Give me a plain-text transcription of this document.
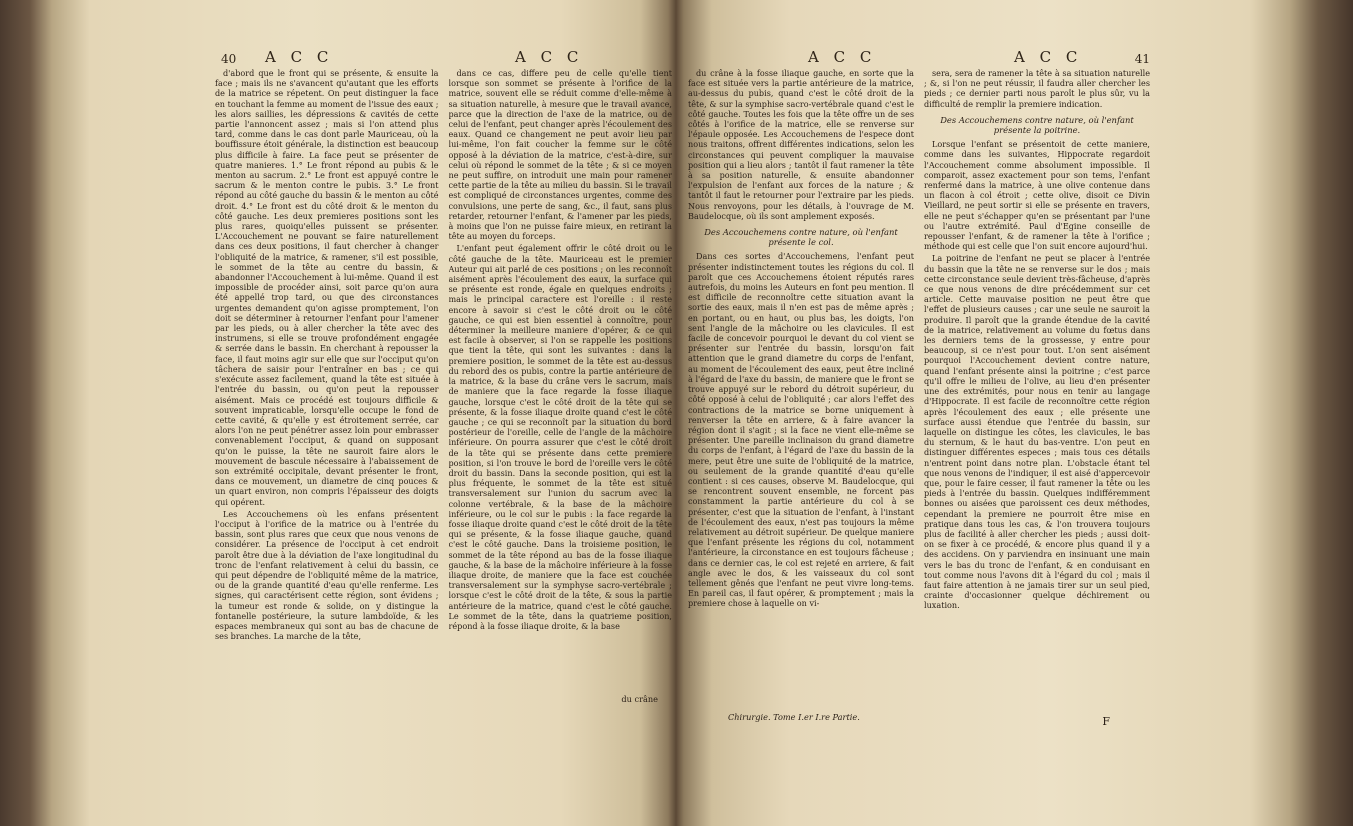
40 A C C	A C C

d'abord que le front qui se présente, & ensuite la face ; mais ils ne s'avancent qu'autant que les efforts de la matrice se répetent. On peut distinguer la face en touchant la femme au moment de l'issue des eaux ; les alors saillies, les dépressions & cavités de cette partie l'annoncent assez ; mais si l'on attend plus tard, comme dans le cas dont parle Mauriceau, où la bouffissure étoit générale, la distinction est beaucoup plus difficile à faire. La face peut se présenter de quatre manieres. 1.° Le front répond au pubis & le menton au sacrum. 2.° Le front est appuyé contre le sacrum & le menton contre le pubis. 3.° Le front répond au côté gauche du bassin & le menton au côté droit. 4.° Le front est du côté droit & le menton du côté gauche. Les deux premieres positions sont les plus rares, quoiqu'elles puissent se présenter. L'Accouchement ne pouvant se faire naturellement dans ces deux positions, il faut chercher à changer l'obliquité de la matrice, & ramener, s'il est possible, le sommet de la tête au centre du bassin, & abandonner l'Accouchement à lui-même. Quand il est impossible de procéder ainsi, soit parce qu'on aura été appellé trop tard, ou que des circonstances urgentes demandent qu'on agisse promptement, l'on doit se déterminer à retourner l'enfant pour l'amener par les pieds, ou à aller chercher la tête avec des instrumens, si elle se trouve profondément engagée & serrée dans le bassin. En cherchant à repousser la face, il faut moins agir sur elle que sur l'occiput qu'on tâchera de saisir pour l'entraîner en bas ; ce qui s'exécute assez facilement, quand la tête est située à l'entrée du bassin, ou qu'on peut la repousser aisément. Mais ce procédé est toujours difficile & souvent impraticable, lorsqu'elle occupe le fond de cette cavité, & qu'elle y est étroitement serrée, car alors l'on ne peut pénétrer assez loin pour embrasser convenablement l'occiput, & quand on supposant qu'on le puisse, la tête ne sauroit faire alors le mouvement de bascule nécessaire à l'abaissement de son extrémité occipitale, devant présenter le front, dans ce mouvement, un diametre de cinq pouces & un quart environ, non compris l'épaisseur des doigts qui opérent.

Les Accouchemens où les enfans présentent l'occiput à l'orifice de la matrice ou à l'entrée du bassin, sont plus rares que ceux que nous venons de considérer. La présence de l'occiput à cet endroit paroît être due à la déviation de l'axe longitudinal du tronc de l'enfant relativement à celui du bassin, ce qui peut dépendre de l'obliquité même de la matrice, ou de la grande quantité d'eau qu'elle renferme. Les signes, qui caractérisent cette région, sont évidens ; la tumeur est ronde & solide, on y distingue la fontanelle postérieure, la suture lambdoïde, & les espaces membraneux qui sont au bas de chacune de ses branches. La marche de la tête,

dans ce cas, differe peu de celle qu'elle tient lorsque son sommet se présente à l'orifice de la matrice, souvent elle se réduit comme d'elle-même à sa situation naturelle, à mesure que le travail avance, parce que la direction de l'axe de la matrice, ou de celui de l'enfant, peut changer après l'écoulement des eaux. Quand ce changement ne peut avoir lieu par lui-même, l'on fait coucher la femme sur le côté opposé à la déviation de la matrice, c'est-à-dire, sur celui où répond le sommet de la tête ; & si ce moyen ne peut suffire, on introduit une main pour ramener cette partie de la tête au milieu du bassin. Si le travail est compliqué de circonstances urgentes, comme des convulsions, une perte de sang, &c., il faut, sans plus retarder, retourner l'enfant, & l'amener par les pieds, à moins que l'on ne puisse faire mieux, en retirant la tête au moyen du forceps.

L'enfant peut également offrir le côté droit ou le côté gauche de la tête. Mauriceau est le premier Auteur qui ait parlé de ces positions ; on les reconnoît aisément après l'écoulement des eaux, la surface qui se présente est ronde, égale en quelques endroits ; mais le principal caractere est l'oreille : il reste encore à savoir si c'est le côté droit ou le côté gauche, ce qui est bien essentiel à connoître, pour déterminer la meilleure maniere d'opérer, & ce qui est facile à observer, si l'on se rappelle les positions que tient la tête, qui sont les suivantes : dans la premiere position, le sommet de la tête est au-dessus du rebord des os pubis, contre la partie antérieure de la matrice, & la base du crâne vers le sacrum, mais de maniere que la face regarde la fosse iliaque gauche, lorsque c'est le côté droit de la tête qui se présente, & la fosse iliaque droite quand c'est le côté gauche ; ce qui se reconnoît par la situation du bord postérieur de l'oreille, celle de l'angle de la mâchoire inférieure. On pourra assurer que c'est le côté droit de la tête qui se présente dans cette premiere position, si l'on trouve le bord de l'oreille vers le côté droit du bassin. Dans la seconde position, qui est la plus fréquente, le sommet de la tête est situé transversalement sur l'union du sacrum avec la colonne vertébrale, & la base de la mâchoire inférieure, ou le col sur le pubis : la face regarde la fosse iliaque droite quand c'est le côté droit de la tête qui se présente, & la fosse iliaque gauche, quand c'est le côté gauche. Dans la troisieme position, le sommet de la tête répond au bas de la fosse iliaque gauche, & la base de la mâchoire inférieure à la fosse iliaque droite, de maniere que la face est couchée transversalement sur la symphyse sacro-vertébrale ; lorsque c'est le côté droit de la tête, & sous la partie antérieure de la matrice, quand c'est le côté gauche. Le sommet de la tête, dans la quatrieme position, répond à la fosse iliaque droite, & la base

du crâne
A C C	A C C	41

du crâne à la fosse iliaque gauche, en sorte que la face est située vers la partie antérieure de la matrice, au-dessus du pubis, quand c'est le côté droit de la tête, & sur la symphise sacro-vertébrale quand c'est le côté gauche. Toutes les fois que la tête offre un de ses côtés à l'orifice de la matrice, elle se renverse sur l'épaule opposée. Les Accouchemens de l'espece dont nous traitons, offrent différentes indications, selon les circonstances qui peuvent compliquer la mauvaise position qui a lieu alors ; tantôt il faut ramener la tête à sa position naturelle, & ensuite abandonner l'expulsion de l'enfant aux forces de la nature ; & tantôt il faut le retourner pour l'extraire par les pieds. Nous renvoyons, pour les détails, à l'ouvrage de M. Baudelocque, où ils sont amplement exposés.

Des Accouchemens contre nature, où l'enfant présente le col.

Dans ces sortes d'Accouchemens, l'enfant peut présenter indistinctement toutes les régions du col. Il paroît que ces Accouchemens étoient réputés rares autrefois, du moins les Auteurs en font peu mention. Il est difficile de reconnoître cette situation avant la sortie des eaux, mais il n'en est pas de même après ; en portant, ou en haut, ou plus bas, les doigts, l'on sent l'angle de la mâchoire ou les clavicules. Il est facile de concevoir pourquoi le devant du col vient se présenter sur l'entrée du bassin, lorsqu'on fait attention que le grand diametre du corps de l'enfant, au moment de l'écoulement des eaux, peut être incliné à l'égard de l'axe du bassin, de maniere que le front se trouve appuyé sur le rebord du détroit supérieur, du côté opposé à celui de l'obliquité ; car alors l'effet des contractions de la matrice se borne uniquement à renverser la tête en arriere, & à faire avancer la région dont il s'agit ; si la face ne vient elle-même se présenter. Une pareille inclinaison du grand diametre du corps de l'enfant, à l'égard de l'axe du bassin de la mere, peut être une suite de l'obliquité de la matrice, ou seulement de la grande quantité d'eau qu'elle contient : si ces causes, observe M. Baudelocque, qui se rencontrent souvent ensemble, ne forcent pas constamment la partie antérieure du col à se présenter, c'est que la situation de l'enfant, à l'instant de l'écoulement des eaux, n'est pas toujours la même relativement au détroit supérieur. De quelque maniere que l'enfant présente les régions du col, notamment l'antérieure, la circonstance en est toujours fâcheuse ; dans ce dernier cas, le col est rejeté en arriere, & fait angle avec le dos, & les vaisseaux du col sont tellement gênés que l'enfant ne peut vivre long-tems. En pareil cas, il faut opérer, & promptement ; mais la premiere chose à laquelle on vi-

sera, sera de ramener la tête à sa situation naturelle ; &, si l'on ne peut réussir, il faudra aller chercher les pieds ; ce dernier parti nous paroît le plus sûr, vu la difficulté de remplir la premiere indication.

Des Accouchemens contre nature, où l'enfant présente la poitrine.

Lorsque l'enfant se présentoit de cette maniere, comme dans les suivantes, Hippocrate regardoit l'Accouchement comme absolument impossible. Il comparoit, assez exactement pour son tems, l'enfant renfermé dans la matrice, à une olive contenue dans un flacon à col étroit ; cette olive, disoit ce Divin Vieillard, ne peut sortir si elle se présente en travers, elle ne peut s'échapper qu'en se présentant par l'une ou l'autre extrémité. Paul d'Egine conseille de repousser l'enfant, & de ramener la tête à l'orifice ; méthode qui est celle que l'on suit encore aujourd'hui.

La poitrine de l'enfant ne peut se placer à l'entrée du bassin que la tête ne se renverse sur le dos ; mais cette circonstance seule devient très-fâcheuse, d'après ce que nous venons de dire précédemment sur cet article. Cette mauvaise position ne peut être que l'effet de plusieurs causes ; car une seule ne sauroit la produire. Il paroît que la grande étendue de la cavité de la matrice, relativement au volume du fœtus dans les derniers tems de la grossesse, y entre pour beaucoup, si ce n'est pour tout. L'on sent aisément pourquoi l'Accouchement devient contre nature, quand l'enfant présente ainsi la poitrine ; c'est parce qu'il offre le milieu de l'olive, au lieu d'en présenter une des extrémités, pour nous en tenir au langage d'Hippocrate. Il est facile de reconnoître cette région après l'écoulement des eaux ; elle présente une surface aussi étendue que l'entrée du bassin, sur laquelle on distingue les côtes, les clavicules, le bas du sternum, & le haut du bas-ventre. L'on peut en distinguer différentes especes ; mais tous ces détails n'entrent point dans notre plan. L'obstacle étant tel que nous venons de l'indiquer, il est aisé d'appercevoir que, pour le faire cesser, il faut ramener la tête ou les pieds à l'entrée du bassin. Quelques indifféremment bonnes ou aisées que paroissent ces deux méthodes, cependant la premiere ne pourroit être mise en pratique dans tous les cas, & l'on trouvera toujours plus de facilité à aller chercher les pieds ; aussi doit-on se fixer à ce procédé, & encore plus quand il y a des accidens. On y parviendra en insinuant une main vers le bas du tronc de l'enfant, & en conduisant en tout comme nous l'avons dit à l'égard du col ; mais il faut faire attention à ne jamais tirer sur un seul pied, crainte d'occasionner quelque déchirement ou luxation.

Chirurgie. Tome I.er I.re Partie.	F
